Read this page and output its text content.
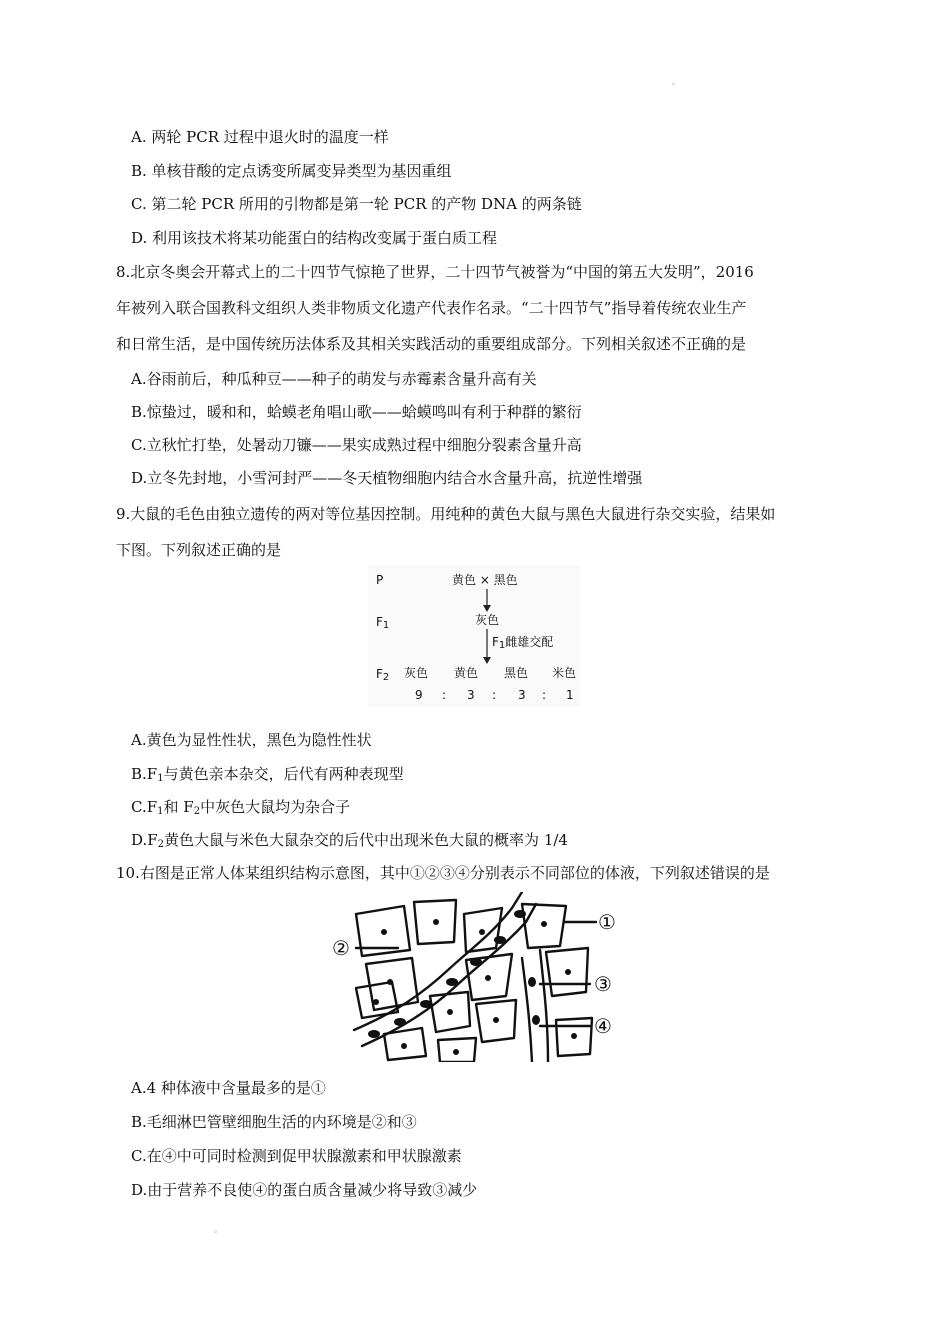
。
A. 两轮 PCR 过程中退火时的温度一样
B. 单核苷酸的定点诱变所属变异类型为基因重组
C. 第二轮 PCR 所用的引物都是第一轮 PCR 的产物 DNA 的两条链
D. 利用该技术将某功能蛋白的结构改变属于蛋白质工程
8.北京冬奥会开幕式上的二十四节气惊艳了世界，二十四节气被誉为“中国的第五大发明”，2016
年被列入联合国教科文组织人类非物质文化遗产代表作名录。“二十四节气”指导着传统农业生产
和日常生活，是中国传统历法体系及其相关实践活动的重要组成部分。下列相关叙述不正确的是
A.谷雨前后，种瓜种豆——种子的萌发与赤霉素含量升高有关
B.惊蛰过，暖和和，蛤蟆老角唱山歌——蛤蟆鸣叫有利于种群的繁衍
C.立秋忙打垫，处暑动刀镰——果实成熟过程中细胞分裂素含量升高
D.立冬先封地，小雪河封严——冬天植物细胞内结合水含量升高，抗逆性增强
9.大鼠的毛色由独立遗传的两对等位基因控制。用纯种的黄色大鼠与黑色大鼠进行杂交实验，结果如
下图。下列叙述正确的是
P	黄色 × 黑色
$F_1$	灰色
$F_1$雌雄交配
$F_2$ 灰色 黄色 黑色 米色
9 : 3 : 3 : 1
A.黄色为显性性状，黑色为隐性性状
$B.F_1$与黄色亲本杂交，后代有两种表现型
$C.F_1$和 $F_2$中灰色大鼠均为杂合子
$D.F_2$黄色大鼠与米色大鼠杂交的后代中出现米色大鼠的概率为 1/4
10.右图是正常人体某组织结构示意图，其中①②③④分别表示不同部位的体液，下列叙述错误的是
①
②
③
④
A.4 种体液中含量最多的是①
B.毛细淋巴管壁细胞生活的内环境是②和③
C.在④中可同时检测到促甲状腺激素和甲状腺激素
D.由于营养不良使④的蛋白质含量减少将导致③减少
。
